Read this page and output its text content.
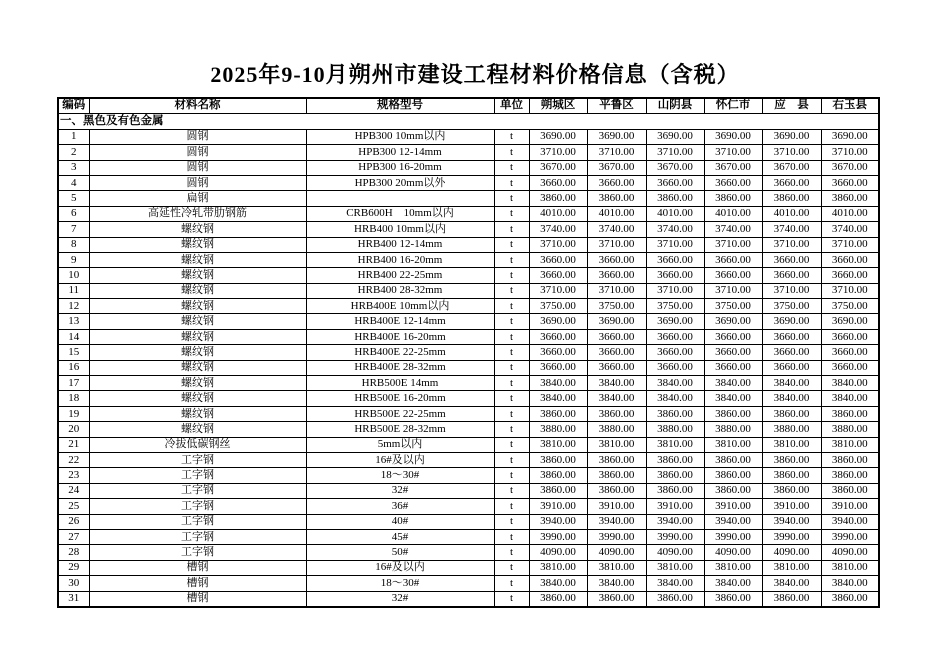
2025年9-10月朔州市建设工程材料价格信息（含税）
编码	材料名称	规格型号	单位	朔城区	平鲁区	山阴县	怀仁市	应　县	右玉县
一、黑色及有色金属									
1	圆钢	HPB300 10mm以内	t	3690.00	3690.00	3690.00	3690.00	3690.00	3690.00
2	圆钢	HPB300 12-14mm	t	3710.00	3710.00	3710.00	3710.00	3710.00	3710.00
3	圆钢	HPB300 16-20mm	t	3670.00	3670.00	3670.00	3670.00	3670.00	3670.00
4	圆钢	HPB300 20mm以外	t	3660.00	3660.00	3660.00	3660.00	3660.00	3660.00
5	扁钢		t	3860.00	3860.00	3860.00	3860.00	3860.00	3860.00
6	高延性冷轧带肋钢筋	CRB600H　10mm以内	t	4010.00	4010.00	4010.00	4010.00	4010.00	4010.00
7	螺纹钢	HRB400 10mm以内	t	3740.00	3740.00	3740.00	3740.00	3740.00	3740.00
8	螺纹钢	HRB400 12-14mm	t	3710.00	3710.00	3710.00	3710.00	3710.00	3710.00
9	螺纹钢	HRB400 16-20mm	t	3660.00	3660.00	3660.00	3660.00	3660.00	3660.00
10	螺纹钢	HRB400 22-25mm	t	3660.00	3660.00	3660.00	3660.00	3660.00	3660.00
11	螺纹钢	HRB400 28-32mm	t	3710.00	3710.00	3710.00	3710.00	3710.00	3710.00
12	螺纹钢	HRB400E 10mm以内	t	3750.00	3750.00	3750.00	3750.00	3750.00	3750.00
13	螺纹钢	HRB400E 12-14mm	t	3690.00	3690.00	3690.00	3690.00	3690.00	3690.00
14	螺纹钢	HRB400E 16-20mm	t	3660.00	3660.00	3660.00	3660.00	3660.00	3660.00
15	螺纹钢	HRB400E 22-25mm	t	3660.00	3660.00	3660.00	3660.00	3660.00	3660.00
16	螺纹钢	HRB400E 28-32mm	t	3660.00	3660.00	3660.00	3660.00	3660.00	3660.00
17	螺纹钢	HRB500E 14mm	t	3840.00	3840.00	3840.00	3840.00	3840.00	3840.00
18	螺纹钢	HRB500E 16-20mm	t	3840.00	3840.00	3840.00	3840.00	3840.00	3840.00
19	螺纹钢	HRB500E 22-25mm	t	3860.00	3860.00	3860.00	3860.00	3860.00	3860.00
20	螺纹钢	HRB500E 28-32mm	t	3880.00	3880.00	3880.00	3880.00	3880.00	3880.00
21	冷拔低碳钢丝	5mm以内	t	3810.00	3810.00	3810.00	3810.00	3810.00	3810.00
22	工字钢	16#及以内	t	3860.00	3860.00	3860.00	3860.00	3860.00	3860.00
23	工字钢	18～30#	t	3860.00	3860.00	3860.00	3860.00	3860.00	3860.00
24	工字钢	32#	t	3860.00	3860.00	3860.00	3860.00	3860.00	3860.00
25	工字钢	36#	t	3910.00	3910.00	3910.00	3910.00	3910.00	3910.00
26	工字钢	40#	t	3940.00	3940.00	3940.00	3940.00	3940.00	3940.00
27	工字钢	45#	t	3990.00	3990.00	3990.00	3990.00	3990.00	3990.00
28	工字钢	50#	t	4090.00	4090.00	4090.00	4090.00	4090.00	4090.00
29	槽钢	16#及以内	t	3810.00	3810.00	3810.00	3810.00	3810.00	3810.00
30	槽钢	18～30#	t	3840.00	3840.00	3840.00	3840.00	3840.00	3840.00
31	槽钢	32#	t	3860.00	3860.00	3860.00	3860.00	3860.00	3860.00
